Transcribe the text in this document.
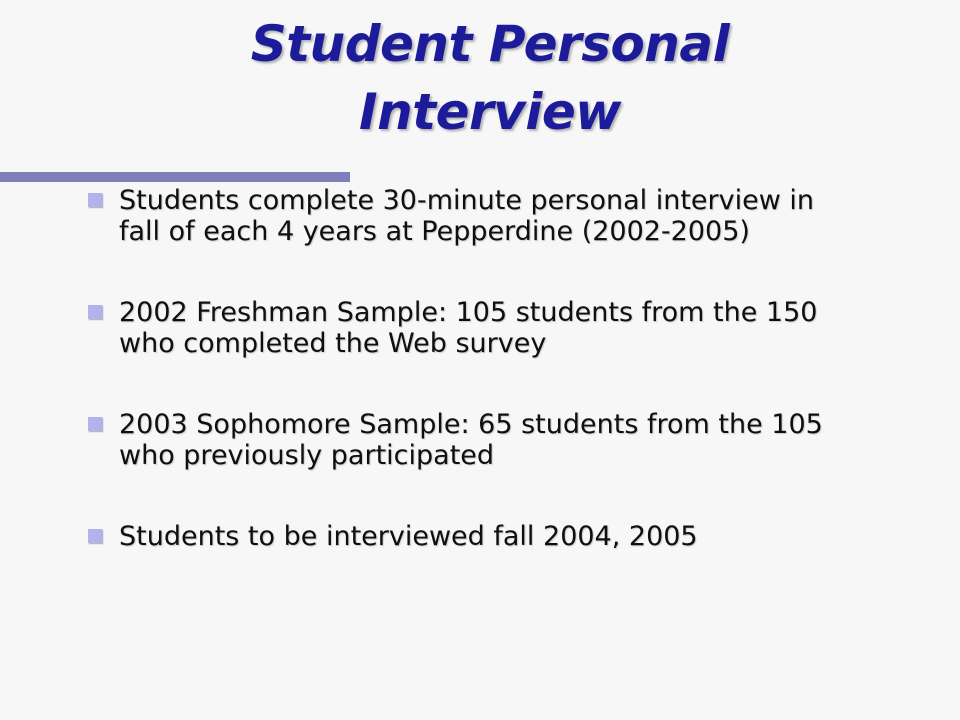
Student Personal
Interview
Students complete 30-minute personal interview in
fall of each 4 years at Pepperdine (2002-2005)
2002 Freshman Sample: 105 students from the 150
who completed the Web survey
2003 Sophomore Sample: 65 students from the 105
who previously participated
Students to be interviewed fall 2004, 2005
